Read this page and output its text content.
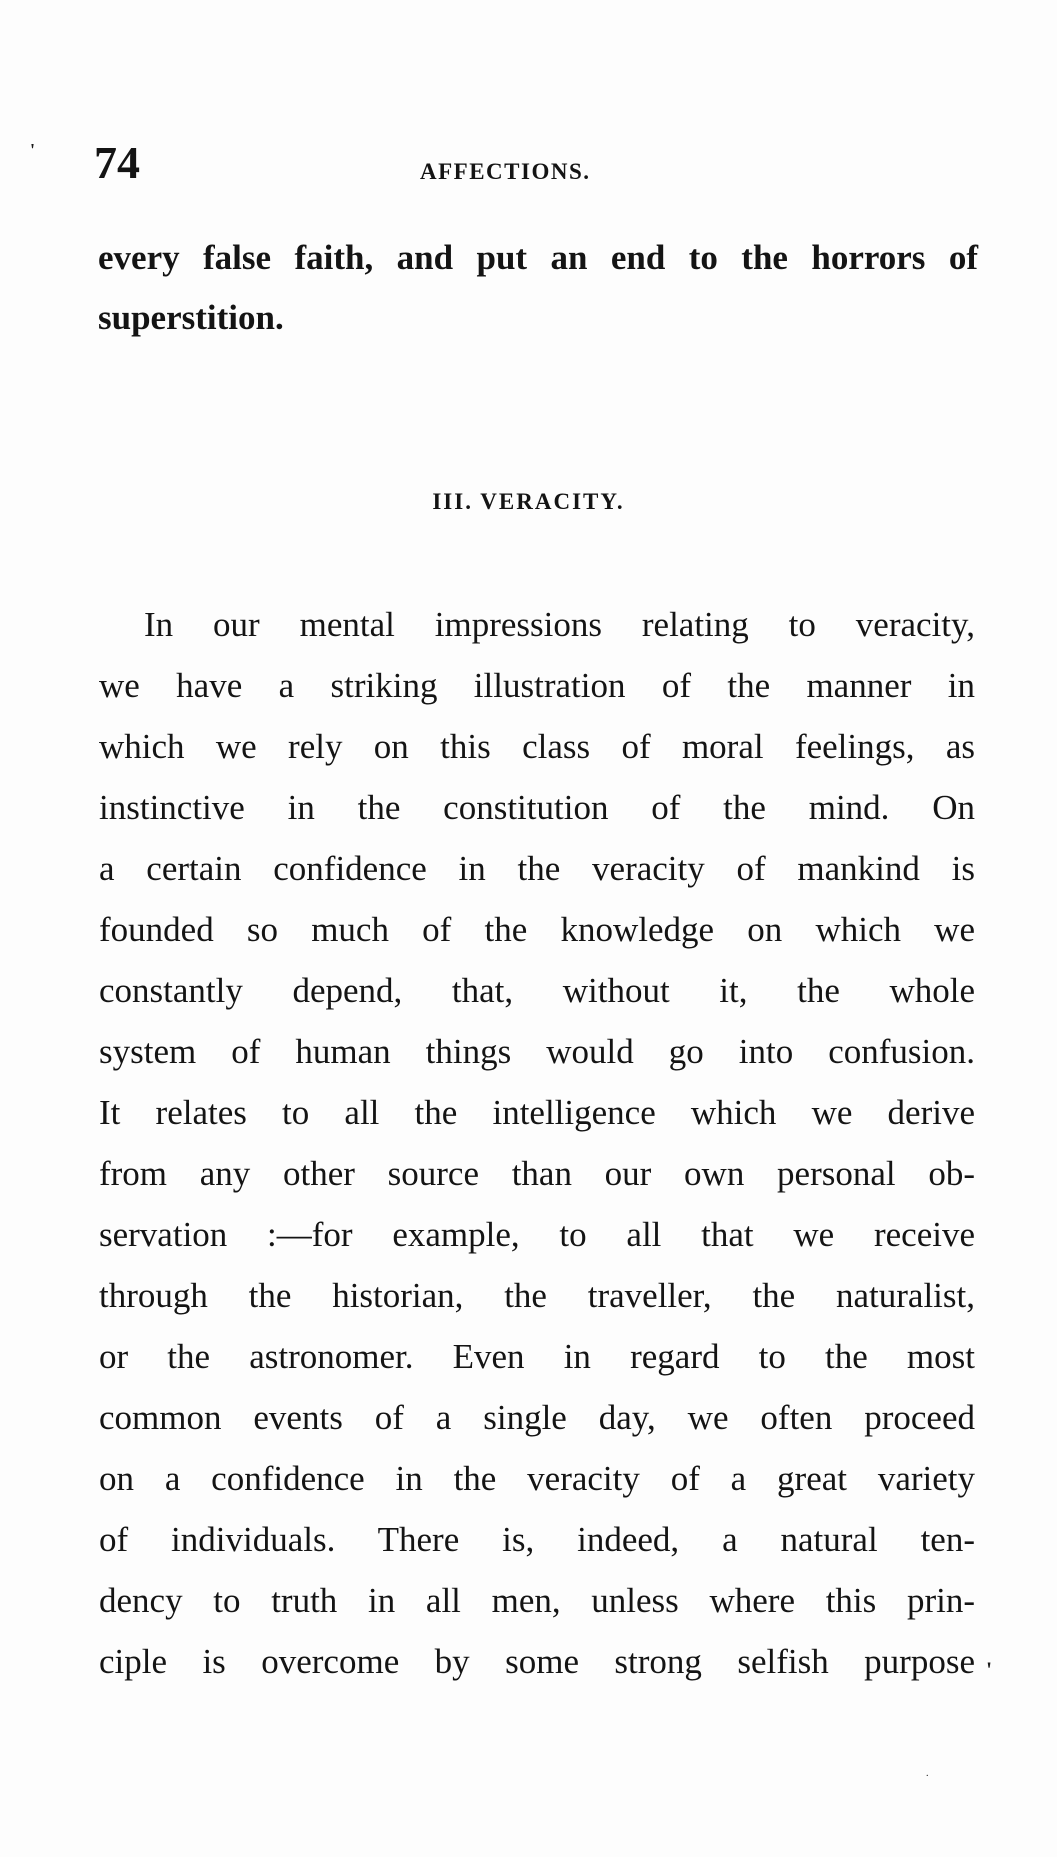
' 74	AFFECTIONS.
every false faith, and put an end to the horrors of
superstition.
III. VERACITY.
In our mental impressions relating to veracity,
we have a striking illustration of the manner in
which we rely on this class of moral feelings, as
instinctive in the constitution of the mind. On
a certain confidence in the veracity of mankind is
founded so much of the knowledge on which we
constantly depend, that, without it, the whole
system of human things would go into confusion.
It relates to all the intelligence which we derive
from any other source than our own personal ob-
servation :—for example, to all that we receive
through the historian, the traveller, the naturalist,
or the astronomer. Even in regard to the most
common events of a single day, we often proceed
on a confidence in the veracity of a great variety
of individuals. There is, indeed, a natural ten-
dency to truth in all men, unless where this prin-
ciple is overcome by some strong selfish purpose '
.
